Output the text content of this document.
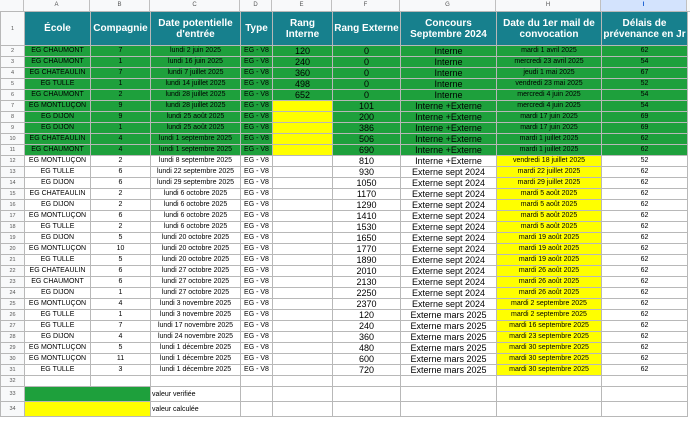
A	B	C	D	E	F	G	H	I
1	École	Compagnie	Date potentielle d'entrée	Type	Rang Interne	Rang Externe	Concours Septembre 2024	Date du 1er mail de convocation	Délais de prévenance en Jr
2	EG CHAUMONT	7	lundi 2 juin 2025	EG - V8	120	0	Interne	mardi 1 avril 2025	62
3	EG CHAUMONT	1	lundi 16 juin 2025	EG - V8	240	0	Interne	mercredi 23 avril 2025	54
4	EG CHATEAULIN	7	lundi 7 juillet 2025	EG - V8	360	0	Interne	jeudi 1 mai 2025	67
5	EG TULLE	1	lundi 14 juillet 2025	EG - V8	498	0	Interne	vendredi 23 mai 2025	52
6	EG CHAUMONT	2	lundi 28 juillet 2025	EG - V8	652	0	Interne	mercredi 4 juin 2025	54
7	EG MONTLUÇON	9	lundi 28 juillet 2025	EG - V8		101	Interne +Externe	mercredi 4 juin 2025	54
8	EG DIJON	9	lundi 25 août 2025	EG - V8		200	Interne +Externe	mardi 17 juin 2025	69
9	EG DIJON	1	lundi 25 août 2025	EG - V8		386	Interne +Externe	mardi 17 juin 2025	69
10	EG CHATEAULIN	4	lundi 1 septembre 2025	EG - V8		506	Interne +Externe	mardi 1 juillet 2025	62
11	EG CHAUMONT	4	lundi 1 septembre 2025	EG - V8		690	Interne +Externe	mardi 1 juillet 2025	62
12	EG MONTLUÇON	2	lundi 8 septembre 2025	EG - V8		810	Interne +Externe	vendredi 18 juillet 2025	52
13	EG TULLE	6	lundi 22 septembre 2025	EG - V8		930	Externe sept 2024	mardi 22 juillet 2025	62
14	EG DIJON	6	lundi 29 septembre 2025	EG - V8		1050	Externe sept 2024	mardi 29 juillet 2025	62
15	EG CHATEAULIN	2	lundi 6 octobre 2025	EG - V8		1170	Externe sept 2024	mardi 5 août 2025	62
16	EG DIJON	2	lundi 6 octobre 2025	EG - V8		1290	Externe sept 2024	mardi 5 août 2025	62
17	EG MONTLUÇON	6	lundi 6 octobre 2025	EG - V8		1410	Externe sept 2024	mardi 5 août 2025	62
18	EG TULLE	2	lundi 6 octobre 2025	EG - V8		1530	Externe sept 2024	mardi 5 août 2025	62
19	EG DIJON	5	lundi 20 octobre 2025	EG - V8		1650	Externe sept 2024	mardi 19 août 2025	62
20	EG MONTLUÇON	10	lundi 20 octobre 2025	EG - V8		1770	Externe sept 2024	mardi 19 août 2025	62
21	EG TULLE	5	lundi 20 octobre 2025	EG - V8		1890	Externe sept 2024	mardi 19 août 2025	62
22	EG CHATEAULIN	6	lundi 27 octobre 2025	EG - V8		2010	Externe sept 2024	mardi 26 août 2025	62
23	EG CHAUMONT	6	lundi 27 octobre 2025	EG - V8		2130	Externe sept 2024	mardi 26 août 2025	62
24	EG DIJON	1	lundi 27 octobre 2025	EG - V8		2250	Externe sept 2024	mardi 26 août 2025	62
25	EG MONTLUÇON	4	lundi 3 novembre 2025	EG - V8		2370	Externe sept 2024	mardi 2 septembre 2025	62
26	EG TULLE	1	lundi 3 novembre 2025	EG - V8		120	Externe mars 2025	mardi 2 septembre 2025	62
27	EG TULLE	7	lundi 17 novembre 2025	EG - V8		240	Externe mars 2025	mardi 16 septembre 2025	62
28	EG DIJON	4	lundi 24 novembre 2025	EG - V8		360	Externe mars 2025	mardi 23 septembre 2025	62
29	EG MONTLUÇON	5	lundi 1 décembre 2025	EG - V8		480	Externe mars 2025	mardi 30 septembre 2025	62
30	EG MONTLUÇON	11	lundi 1 décembre 2025	EG - V8		600	Externe mars 2025	mardi 30 septembre 2025	62
31	EG TULLE	3	lundi 1 décembre 2025	EG - V8		720	Externe mars 2025	mardi 30 septembre 2025	62
32									
33			valeur verifiée						
34			valeur calculée						
